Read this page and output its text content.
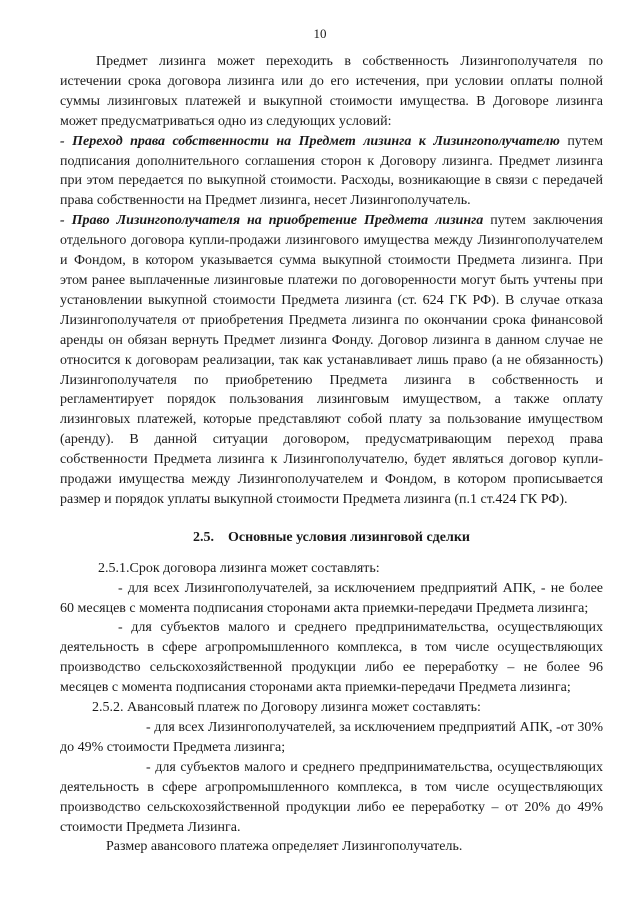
10

Предмет лизинга может переходить в собственность Лизингополучателя по истечении срока договора лизинга или до его истечения, при условии оплаты полной суммы лизинговых платежей и выкупной стоимости имущества. В Договоре лизинга может предусматриваться одно из следующих условий:

- Переход права собственности на Предмет лизинга к Лизингополучателю путем подписания дополнительного соглашения сторон к Договору лизинга. Предмет лизинга при этом передается по выкупной стоимости. Расходы, возникающие в связи с передачей права собственности на Предмет лизинга, несет Лизингополучатель.

- Право Лизингополучателя на приобретение Предмета лизинга путем заключения отдельного договора купли-продажи лизингового имущества между Лизингополучателем и Фондом, в котором указывается сумма выкупной стоимости Предмета лизинга. При этом ранее выплаченные лизинговые платежи по договоренности могут быть учтены при установлении выкупной стоимости Предмета лизинга (ст. 624 ГК РФ). В случае отказа Лизингополучателя от приобретения Предмета лизинга по окончании срока финансовой аренды он обязан вернуть Предмет лизинга Фонду. Договор лизинга в данном случае не относится к договорам реализации, так как устанавливает лишь право (а не обязанность) Лизингополучателя по приобретению Предмета лизинга в собственность и регламентирует порядок пользования лизинговым имуществом, а также оплату лизинговых платежей, которые представляют собой плату за пользование имуществом (аренду). В данной ситуации договором, предусматривающим переход права собственности Предмета лизинга к Лизингополучателю, будет являться договор купли-продажи имущества между Лизингополучателем и Фондом, в котором прописывается размер и порядок уплаты выкупной стоимости Предмета лизинга (п.1 ст.424 ГК РФ).

2.5. Основные условия лизинговой сделки

2.5.1.Срок договора лизинга может составлять:

- для всех Лизингополучателей, за исключением предприятий АПК, - не более 60 месяцев с момента подписания сторонами акта приемки-передачи Предмета лизинга;

- для субъектов малого и среднего предпринимательства, осуществляющих деятельность в сфере агропромышленного комплекса, в том числе осуществляющих производство сельскохозяйственной продукции либо ее переработку – не более 96 месяцев с момента подписания сторонами акта приемки-передачи Предмета лизинга;

2.5.2. Авансовый платеж по Договору лизинга может составлять:

- для всех Лизингополучателей, за исключением предприятий АПК, -от 30% до 49% стоимости Предмета лизинга;

- для субъектов малого и среднего предпринимательства, осуществляющих деятельность в сфере агропромышленного комплекса, в том числе осуществляющих производство сельскохозяйственной продукции либо ее переработку – от 20% до 49% стоимости Предмета Лизинга.

Размер авансового платежа определяет Лизингополучатель.
